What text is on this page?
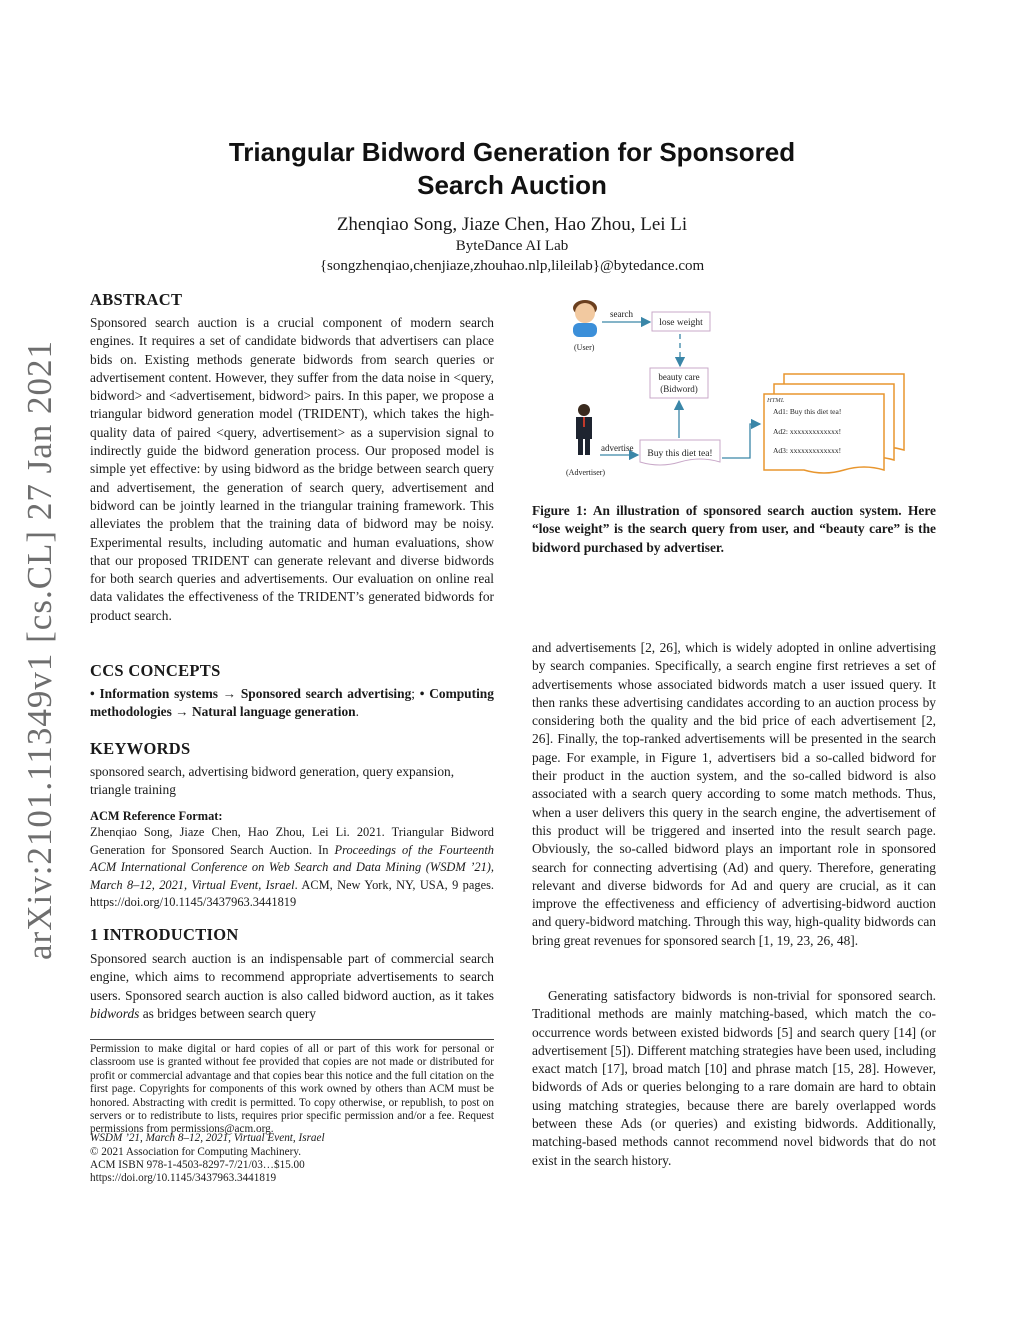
arXiv:2101.11349v1 [cs.CL] 27 Jan 2021
Triangular Bidword Generation for Sponsored
Search Auction
Zhenqiao Song, Jiaze Chen, Hao Zhou, Lei Li
ByteDance AI Lab
{songzhenqiao,chenjiaze,zhouhao.nlp,lileilab}@bytedance.com
ABSTRACT
Sponsored search auction is a crucial component of modern search engines. It requires a set of candidate bidwords that advertisers can place bids on. Existing methods generate bidwords from search queries or advertisement content. However, they suffer from the data noise in <query, bidword> and <advertisement, bidword> pairs. In this paper, we propose a triangular bidword generation model (TRIDENT), which takes the high-quality data of paired <query, advertisement> as a supervision signal to indirectly guide the bidword generation process. Our proposed model is simple yet effective: by using bidword as the bridge between search query and advertisement, the generation of search query, advertisement and bidword can be jointly learned in the triangular training framework. This alleviates the problem that the training data of bidword may be noisy. Experimental results, including automatic and human evaluations, show that our proposed TRIDENT can generate relevant and diverse bidwords for both search queries and advertisements. Our evaluation on online real data validates the effectiveness of the TRIDENT’s generated bidwords for product search.
CCS CONCEPTS
• Information systems → Sponsored search advertising; • Computing methodologies → Natural language generation.
KEYWORDS
sponsored search, advertising bidword generation, query expansion, triangle training
ACM Reference Format:
Zhenqiao Song, Jiaze Chen, Hao Zhou, Lei Li. 2021. Triangular Bidword Generation for Sponsored Search Auction. In Proceedings of the Fourteenth ACM International Conference on Web Search and Data Mining (WSDM ’21), March 8–12, 2021, Virtual Event, Israel. ACM, New York, NY, USA, 9 pages. https://doi.org/10.1145/3437963.3441819
1 INTRODUCTION
Sponsored search auction is an indispensable part of commercial search engine, which aims to recommend appropriate advertisements to search users. Sponsored search auction is also called bidword auction, as it takes bidwords as bridges between search query
Permission to make digital or hard copies of all or part of this work for personal or classroom use is granted without fee provided that copies are not made or distributed for profit or commercial advantage and that copies bear this notice and the full citation on the first page. Copyrights for components of this work owned by others than ACM must be honored. Abstracting with credit is permitted. To copy otherwise, or republish, to post on servers or to redistribute to lists, requires prior specific permission and/or a fee. Request permissions from permissions@acm.org.
WSDM ’21, March 8–12, 2021, Virtual Event, Israel
© 2021 Association for Computing Machinery.
ACM ISBN 978-1-4503-8297-7/21/03…$15.00
https://doi.org/10.1145/3437963.3441819
(User)
search
lose weight
beauty care
(Bidword)
(Advertiser)
advertise
Buy this diet tea!
HTML
Ad1: Buy this diet tea!
Ad2: xxxxxxxxxxxxx!
Ad3: xxxxxxxxxxxxx!
Figure 1: An illustration of sponsored search auction system. Here “lose weight” is the search query from user, and “beauty care” is the bidword purchased by advertiser.
and advertisements [2, 26], which is widely adopted in online advertising by search companies. Specifically, a search engine first retrieves a set of advertisements whose associated bidwords match a user issued query. It then ranks these advertising candidates according to an auction process by considering both the quality and the bid price of each advertisement [2, 26]. Finally, the top-ranked advertisements will be presented in the search page. For example, in Figure 1, advertisers bid a so-called bidword for their product in the auction system, and the so-called bidword is also associated with a search query according to some match methods. Thus, when a user delivers this query in the search engine, the advertisement of this product will be triggered and inserted into the result search page. Obviously, the so-called bidword plays an important role in sponsored search for connecting advertising (Ad) and query. Therefore, generating relevant and diverse bidwords for Ad and query are crucial, as it can improve the effectiveness and efficiency of advertising-bidword auction and query-bidword matching. Through this way, high-quality bidwords can bring great revenues for sponsored search [1, 19, 23, 26, 48].
Generating satisfactory bidwords is non-trivial for sponsored search. Traditional methods are mainly matching-based, which match the co-occurrence words between existed bidwords [5] and search query [14] (or advertisement [5]). Different matching strategies have been used, including exact match [17], broad match [10] and phrase match [15, 28]. However, bidwords of Ads or queries belonging to a rare domain are hard to obtain using matching strategies, because there are barely overlapped words between these Ads (or queries) and existing bidwords. Additionally, matching-based methods cannot recommend novel bidwords that do not exist in the search history.
